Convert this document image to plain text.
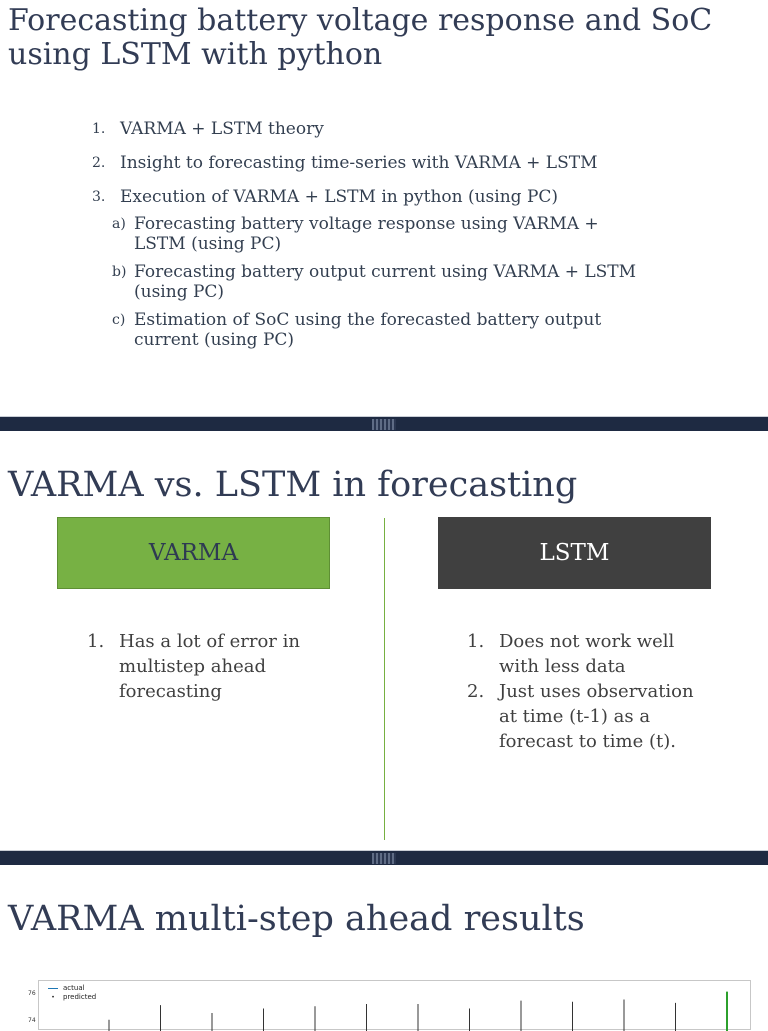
Forecasting battery voltage response and SoC using LSTM with python
1. VARMA + LSTM theory
2. Insight to forecasting time-series with VARMA + LSTM
3. Execution of VARMA + LSTM in python (using PC)
a) Forecasting battery voltage response using VARMA + LSTM (using PC)
b) Forecasting battery output current using VARMA + LSTM (using PC)
c) Estimation of SoC using the forecasted battery output current (using PC)
VARMA vs. LSTM in forecasting
VARMA	LSTM
1. Has a lot of error in multistep ahead forecasting
1. Does not work well with less data
2. Just uses observation at time (t-1) as a forecast to time (t).
VARMA multi-step ahead results
76
74
actual
•	predicted
